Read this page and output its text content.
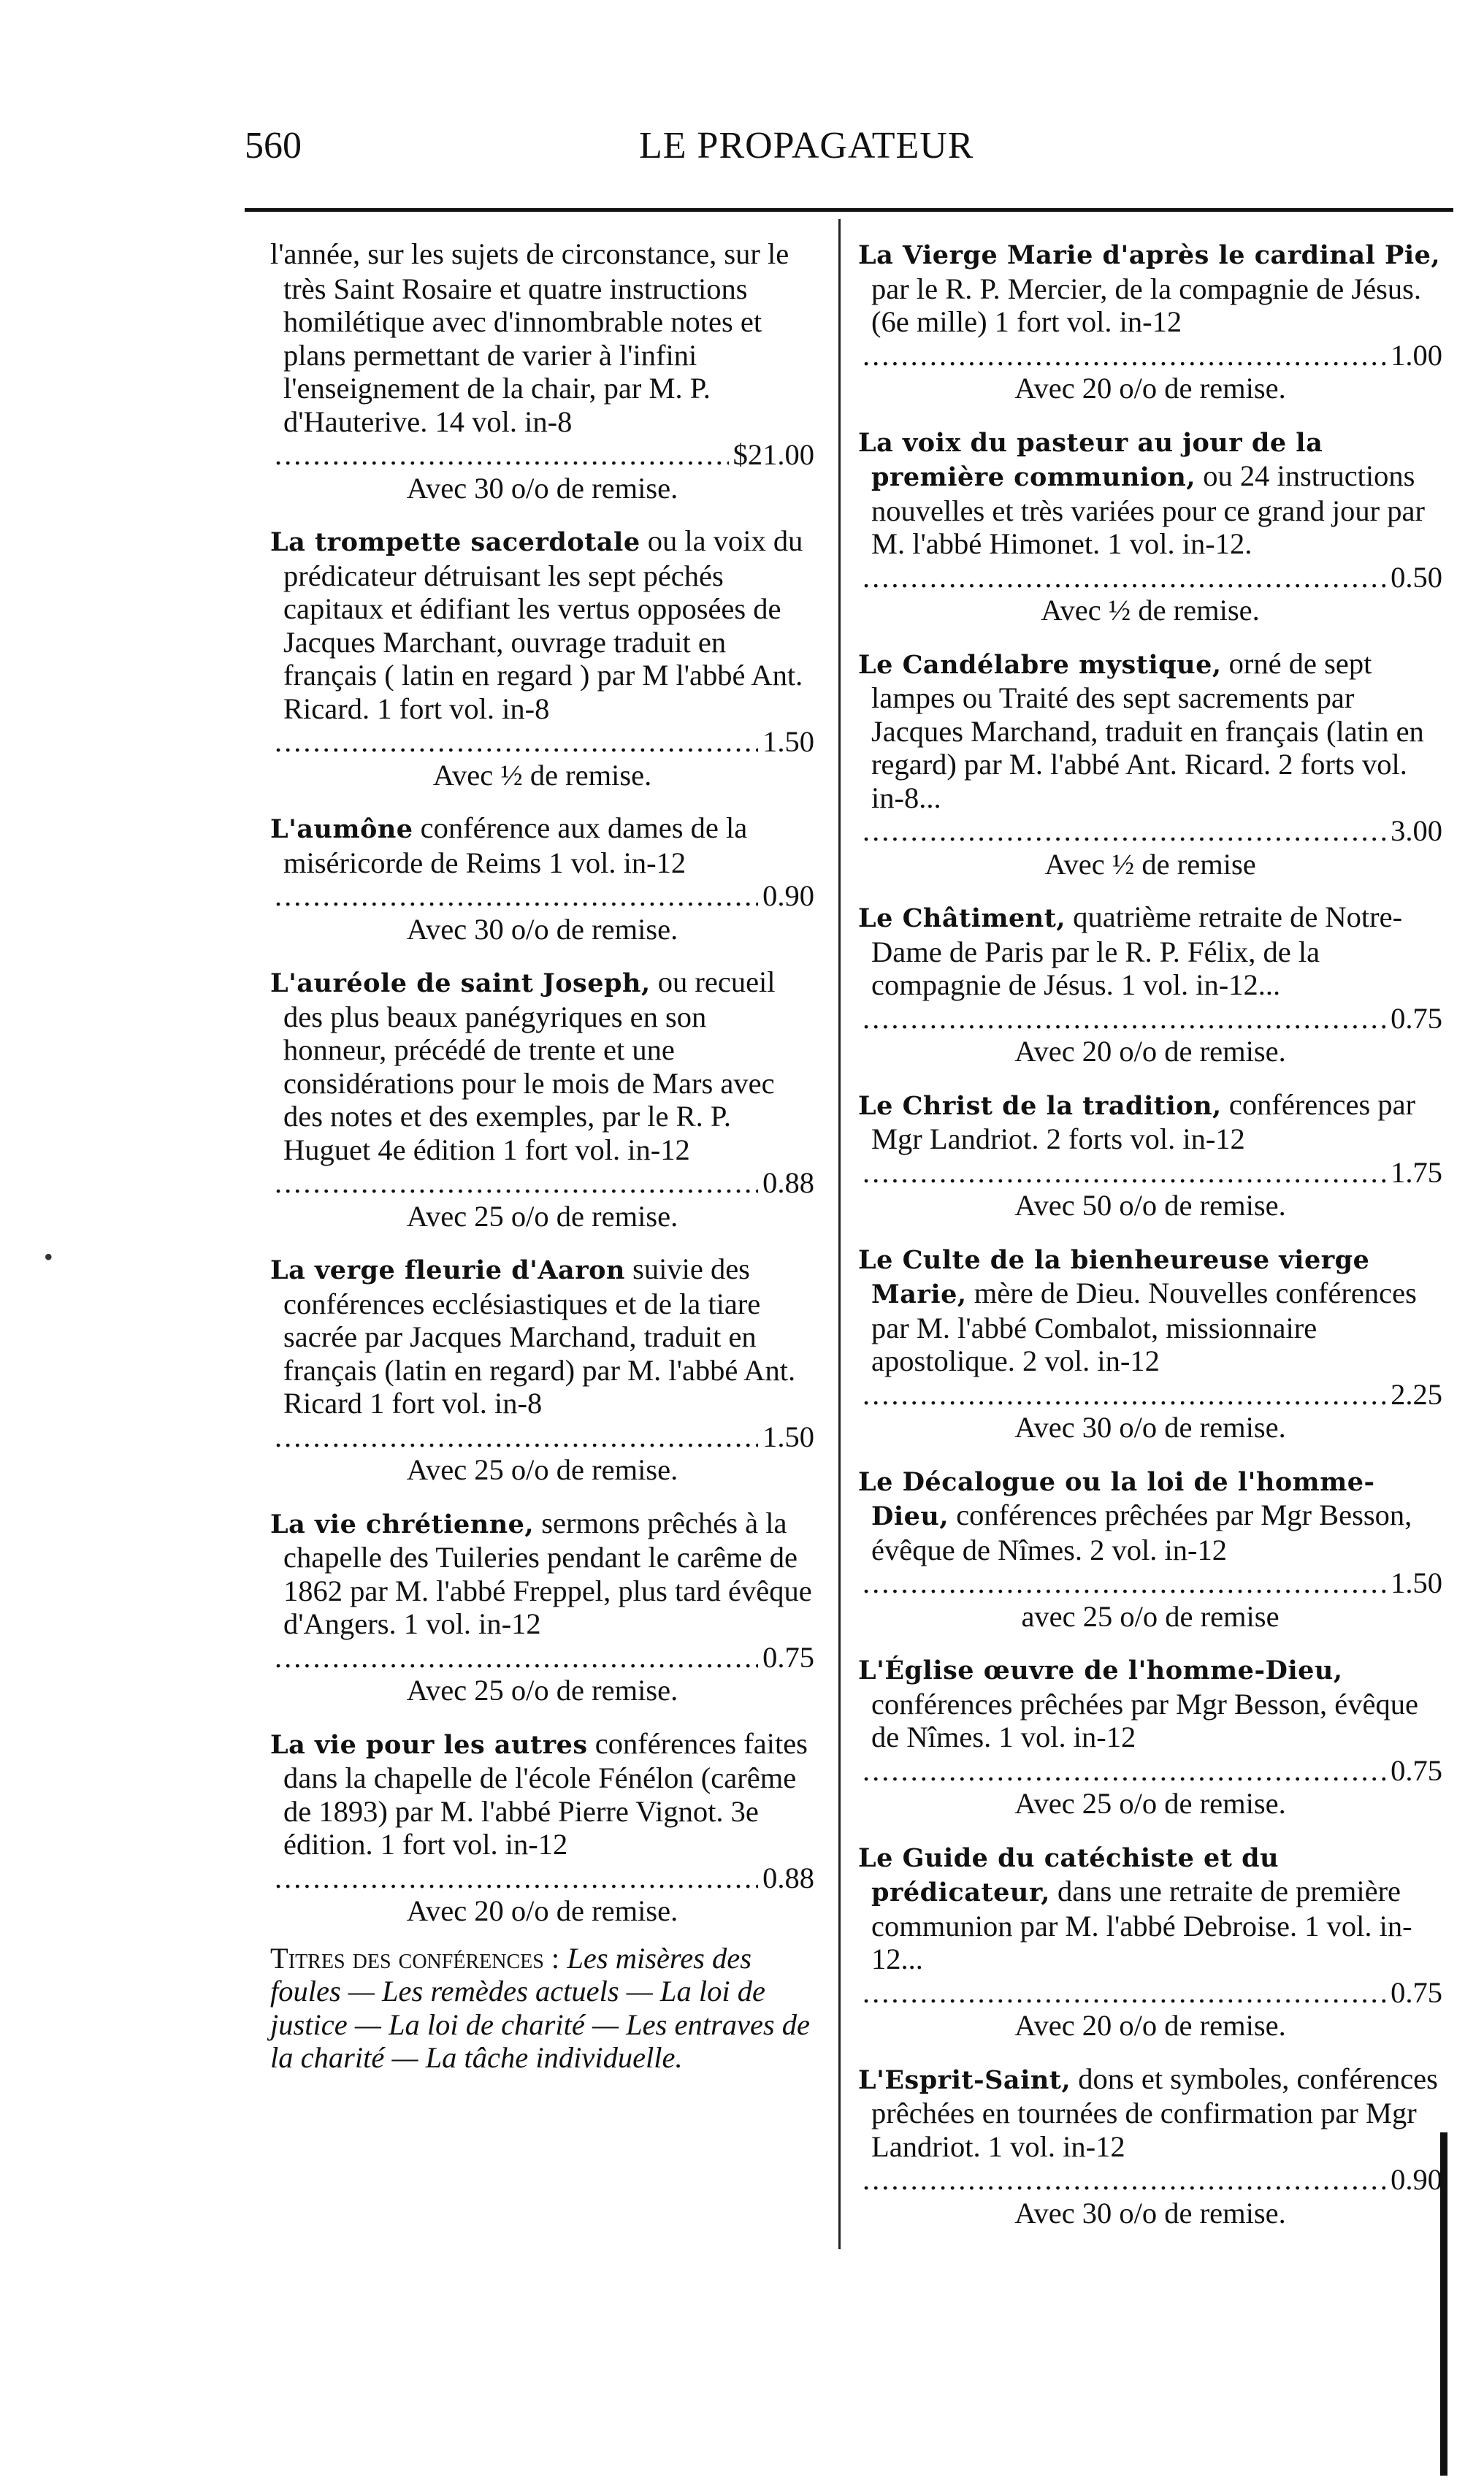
560	LE PROPAGATEUR
•
l'année, sur les sujets de circonstance, sur le très Saint Rosaire et quatre instructions homilétique avec d'innombrable notes et plans permettant de varier à l'infini l'enseignement de la chair, par M. P. d'Hauterive. 14 vol. in-8
.....
$21.00
Avec 30 o/o de remise.
La trompette sacerdotale ou la voix du prédicateur détruisant les sept péchés capitaux et édifiant les vertus opposées de Jacques Marchant, ouvrage traduit en français ( latin en regard ) par M l'abbé Ant. Ricard. 1 fort vol. in-8
.....
1.50
Avec ½ de remise.
L'aumône conférence aux dames de la miséricorde de Reims 1 vol. in-12
.....
0.90
Avec 30 o/o de remise.
L'auréole de saint Joseph, ou recueil des plus beaux panégyriques en son honneur, précédé de trente et une considérations pour le mois de Mars avec des notes et des exemples, par le R. P. Huguet 4e édition 1 fort vol. in-12
.....
0.88
Avec 25 o/o de remise.
La verge fleurie d'Aaron suivie des conférences ecclésiastiques et de la tiare sacrée par Jacques Marchand, traduit en français (latin en regard) par M. l'abbé Ant. Ricard 1 fort vol. in-8
.....
1.50
Avec 25 o/o de remise.
La vie chrétienne, sermons prêchés à la chapelle des Tuileries pendant le carême de 1862 par M. l'abbé Freppel, plus tard évêque d'Angers. 1 vol. in-12
.....
0.75
Avec 25 o/o de remise.
La vie pour les autres conférences faites dans la chapelle de l'école Fénélon (carême de 1893) par M. l'abbé Pierre Vignot. 3e édition. 1 fort vol. in-12
.....
0.88
Avec 20 o/o de remise.
Titres des conférences : Les misères des foules — Les remèdes actuels — La loi de justice — La loi de charité — Les entraves de la charité — La tâche individuelle.
La Vierge Marie d'après le cardinal Pie, par le R. P. Mercier, de la compagnie de Jésus. (6e mille) 1 fort vol. in-12
.....
1.00
Avec 20 o/o de remise.
La voix du pasteur au jour de la première communion, ou 24 instructions nouvelles et très variées pour ce grand jour par M. l'abbé Himonet. 1 vol. in-12.
.....
0.50
Avec ½ de remise.
Le Candélabre mystique, orné de sept lampes ou Traité des sept sacrements par Jacques Marchand, traduit en français (latin en regard) par M. l'abbé Ant. Ricard. 2 forts vol. in-8...
.....
3.00
Avec ½ de remise
Le Châtiment, quatrième retraite de Notre-Dame de Paris par le R. P. Félix, de la compagnie de Jésus. 1 vol. in-12...
.....
0.75
Avec 20 o/o de remise.
Le Christ de la tradition, conférences par Mgr Landriot. 2 forts vol. in-12
.....
1.75
Avec 50 o/o de remise.
Le Culte de la bienheureuse vierge Marie, mère de Dieu. Nouvelles conférences par M. l'abbé Combalot, missionnaire apostolique. 2 vol. in-12
.....
2.25
Avec 30 o/o de remise.
Le Décalogue ou la loi de l'homme-Dieu, conférences prêchées par Mgr Besson, évêque de Nîmes. 2 vol. in-12
.....
1.50
avec 25 o/o de remise
L'Église œuvre de l'homme-Dieu, conférences prêchées par Mgr Besson, évêque de Nîmes. 1 vol. in-12
.....
0.75
Avec 25 o/o de remise.
Le Guide du catéchiste et du prédicateur, dans une retraite de première communion par M. l'abbé Debroise. 1 vol. in-12...
.....
0.75
Avec 20 o/o de remise.
L'Esprit-Saint, dons et symboles, conférences prêchées en tournées de confirmation par Mgr Landriot. 1 vol. in-12
.....
0.90
Avec 30 o/o de remise.
